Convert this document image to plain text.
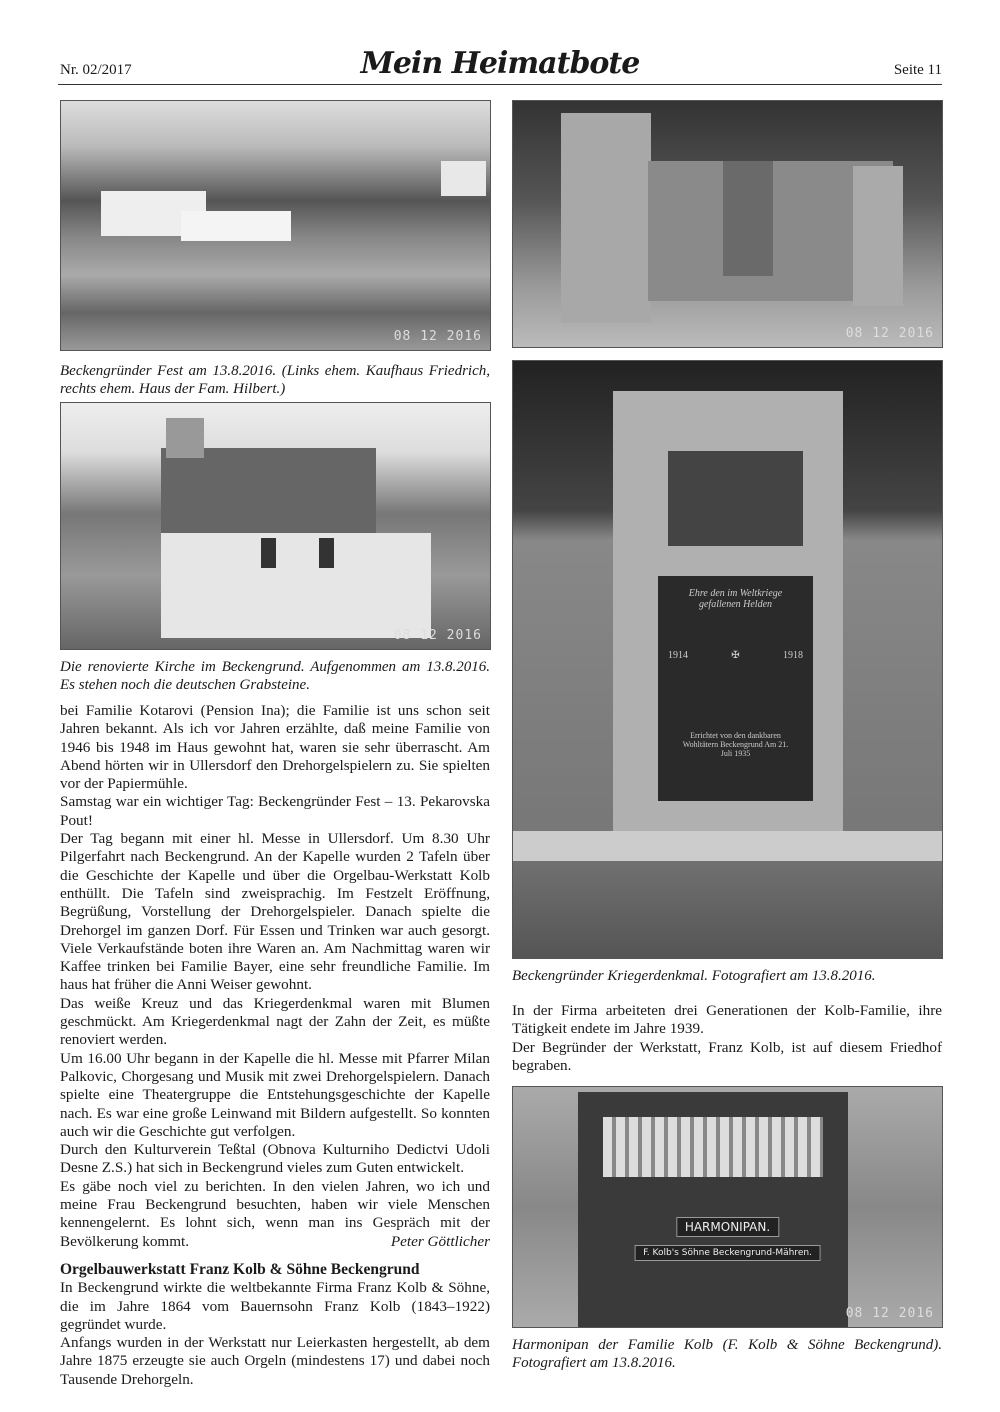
Nr. 02/2017	Mein Heimatbote	Seite 11
08 12 2016
Beckengründer Fest am 13.8.2016. (Links ehem. Kaufhaus Friedrich, rechts ehem. Haus der Fam. Hilbert.)
08 12 2016
Die renovierte Kirche im Beckengrund. Aufgenommen am 13.8.2016. Es stehen noch die deutschen Grabsteine.

bei Familie Kotarovi (Pension Ina); die Familie ist uns schon seit Jahren bekannt. Als ich vor Jahren erzählte, daß meine Familie von 1946 bis 1948 im Haus gewohnt hat, waren sie sehr überrascht. Am Abend hörten wir in Ullersdorf den Drehorgelspielern zu. Sie spielten vor der Papiermühle.

Samstag war ein wichtiger Tag: Beckengründer Fest – 13. Pekarovska Pout!

Der Tag begann mit einer hl. Messe in Ullersdorf. Um 8.30 Uhr Pilgerfahrt nach Beckengrund. An der Kapelle wurden 2 Tafeln über die Geschichte der Kapelle und über die Orgelbau-Werkstatt Kolb enthüllt. Die Tafeln sind zweisprachig. Im Festzelt Eröffnung, Begrüßung, Vorstellung der Drehorgelspieler. Danach spielte die Drehorgel im ganzen Dorf. Für Essen und Trinken war auch gesorgt. Viele Verkaufstände boten ihre Waren an. Am Nachmittag waren wir Kaffee trinken bei Familie Bayer, eine sehr freundliche Familie. Im haus hat früher die Anni Weiser gewohnt.

Das weiße Kreuz und das Kriegerdenkmal waren mit Blumen geschmückt. Am Kriegerdenkmal nagt der Zahn der Zeit, es müßte renoviert werden.

Um 16.00 Uhr begann in der Kapelle die hl. Messe mit Pfarrer Milan Palkovic, Chorgesang und Musik mit zwei Drehorgelspielern. Danach spielte eine Theatergruppe die Entstehungsgeschichte der Kapelle nach. Es war eine große Leinwand mit Bildern aufgestellt. So konnten auch wir die Geschichte gut verfolgen.

Durch den Kulturverein Teßtal (Obnova Kulturniho Dedictvi Udoli Desne Z.S.) hat sich in Beckengrund vieles zum Guten entwickelt.

Es gäbe noch viel zu berichten. In den vielen Jahren, wo ich und meine Frau Beckengrund besuchten, haben wir viele Menschen kennengelernt. Es lohnt sich, wenn man ins Gespräch mit der Bevölkerung kommt.	Peter Göttlicher

Orgelbauwerkstatt Franz Kolb & Söhne Beckengrund

In Beckengrund wirkte die weltbekannte Firma Franz Kolb & Söhne, die im Jahre 1864 vom Bauernsohn Franz Kolb (1843–1922) gegründet wurde.

Anfangs wurden in der Werkstatt nur Leierkasten hergestellt, ab dem Jahre 1875 erzeugte sie auch Orgeln (mindestens 17) und dabei noch Tausende Drehorgeln.

08 12 2016
Ehre den im Weltkriege gefallenen Helden
1914	✠	1918
Errichtet von den dankbaren Wohltätern Beckengrund Am 21. Juli 1935
Beckengründer Kriegerdenkmal. Fotografiert am 13.8.2016.

In der Firma arbeiteten drei Generationen der Kolb-Familie, ihre Tätigkeit endete im Jahre 1939.

Der Begründer der Werkstatt, Franz Kolb, ist auf diesem Friedhof begraben.

HARMONIPAN.
F. Kolb's Söhne Beckengrund-Mähren.
08 12 2016
Harmonipan der Familie Kolb (F. Kolb & Söhne Beckengrund). Fotografiert am 13.8.2016.
